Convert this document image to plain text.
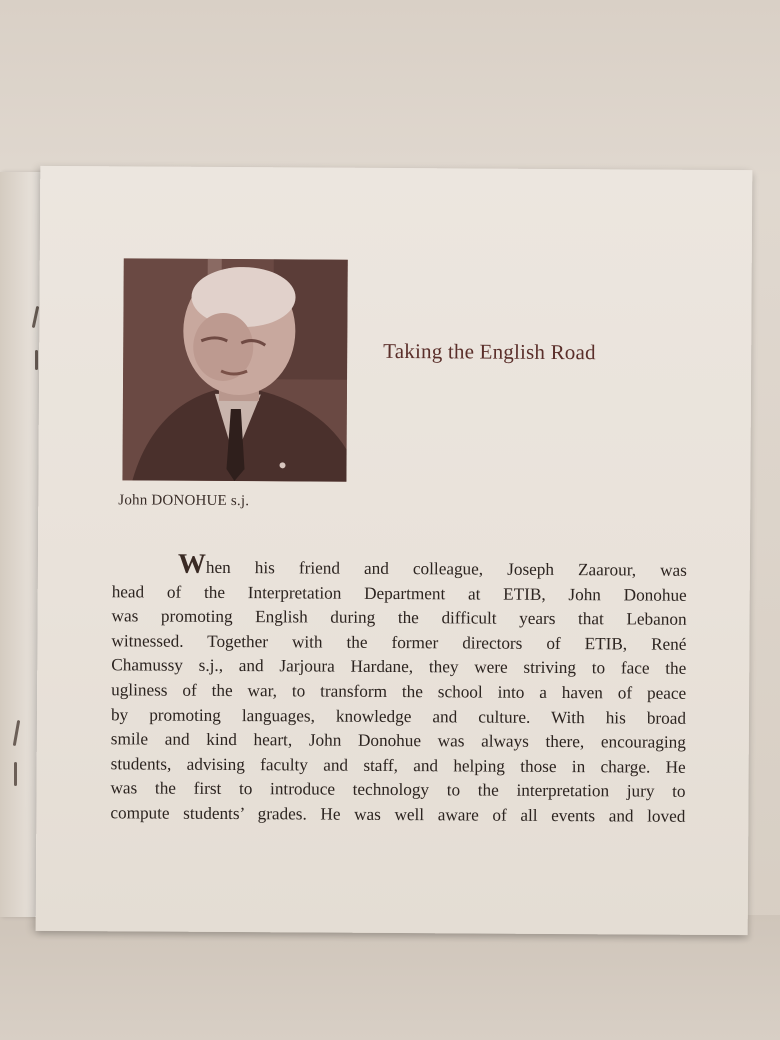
John DONOHUE s.j.
Taking the English Road
When his friend and colleague, Joseph Zaarour, was
head of the Interpretation Department at ETIB, John Donohue
was promoting English during the difficult years that Lebanon
witnessed. Together with the former directors of ETIB, René
Chamussy s.j., and Jarjoura Hardane, they were striving to face the
ugliness of the war, to transform the school into a haven of peace
by promoting languages, knowledge and culture. With his broad
smile and kind heart, John Donohue was always there, encouraging
students, advising faculty and staff, and helping those in charge. He
was the first to introduce technology to the interpretation jury to
compute students’ grades. He was well aware of all events and loved
